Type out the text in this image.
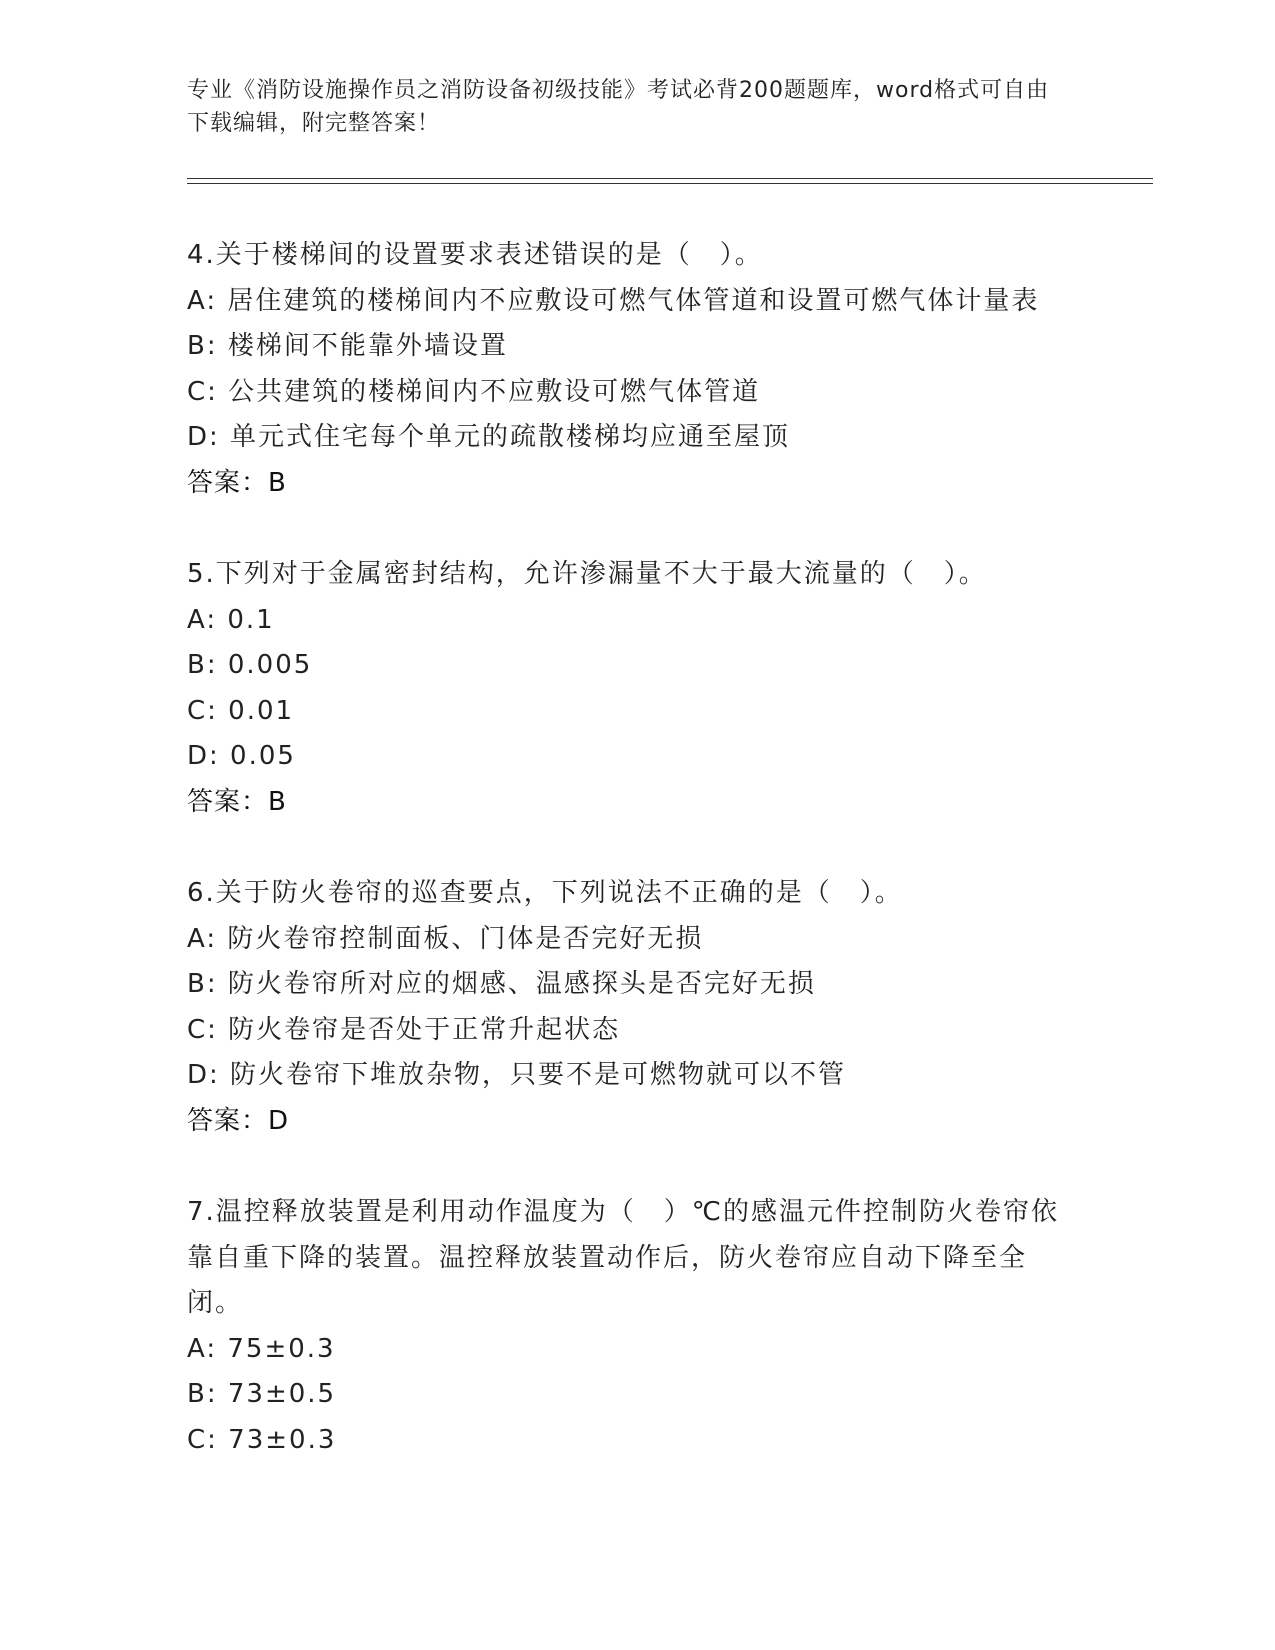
专业《消防设施操作员之消防设备初级技能》考试必背200题题库，word格式可自由下载编辑，附完整答案！
4.关于楼梯间的设置要求表述错误的是（　）。
A: 居住建筑的楼梯间内不应敷设可燃气体管道和设置可燃气体计量表
B: 楼梯间不能靠外墙设置
C: 公共建筑的楼梯间内不应敷设可燃气体管道
D: 单元式住宅每个单元的疏散楼梯均应通至屋顶
答案：B
5.下列对于金属密封结构，允许渗漏量不大于最大流量的（　）。
A: 0.1
B: 0.005
C: 0.01
D: 0.05
答案：B
6.关于防火卷帘的巡查要点，下列说法不正确的是（　）。
A: 防火卷帘控制面板、门体是否完好无损
B: 防火卷帘所对应的烟感、温感探头是否完好无损
C: 防火卷帘是否处于正常升起状态
D: 防火卷帘下堆放杂物，只要不是可燃物就可以不管
答案：D
7.温控释放装置是利用动作温度为（　）℃的感温元件控制防火卷帘依靠自重下降的装置。温控释放装置动作后，防火卷帘应自动下降至全闭。
A: 75±0.3
B: 73±0.5
C: 73±0.3
